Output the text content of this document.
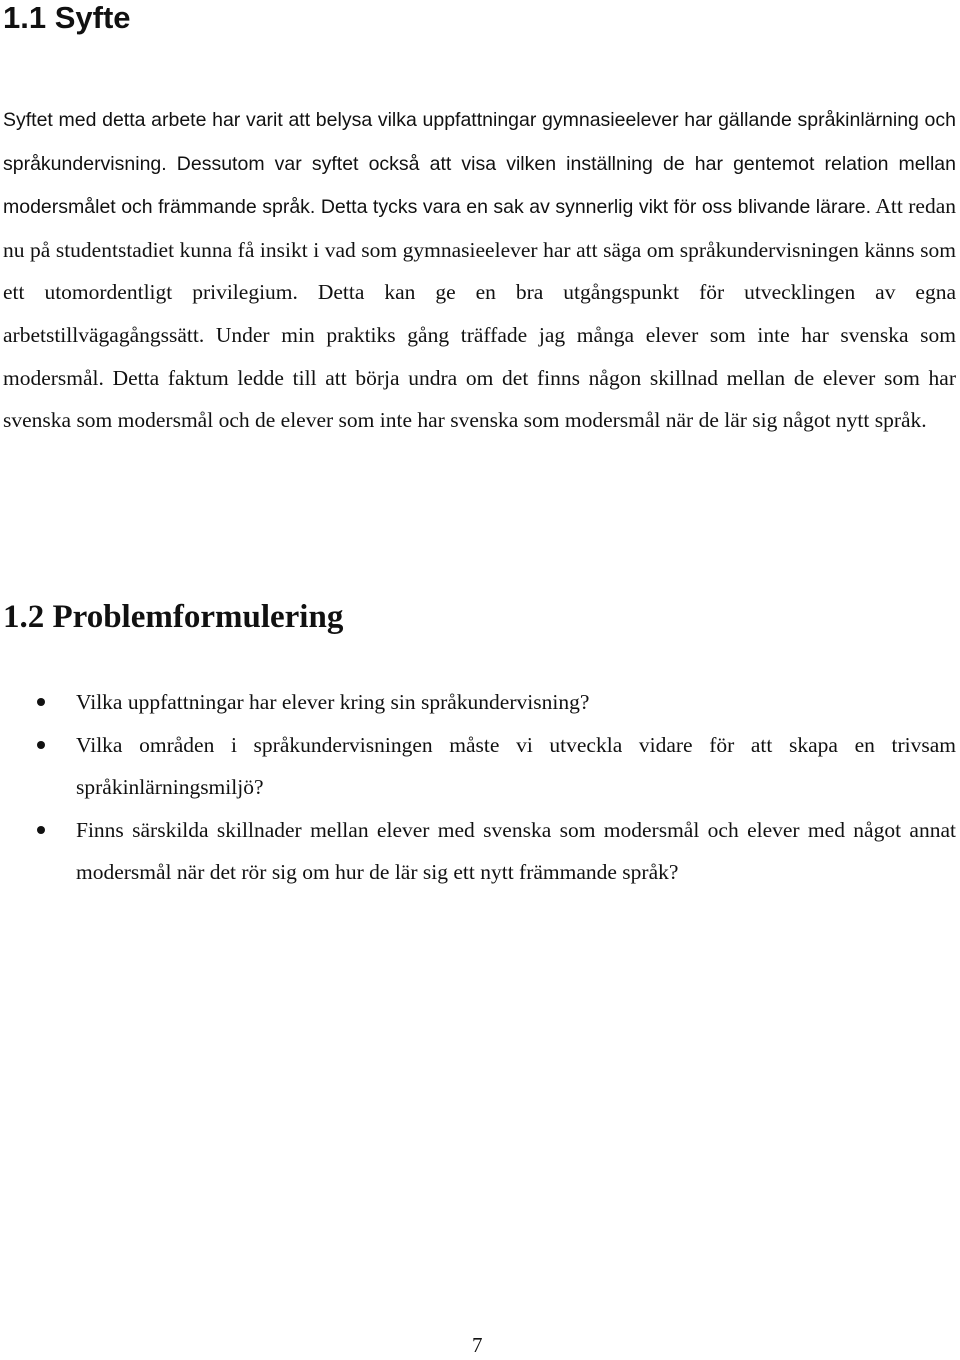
1.1 Syfte

Syftet med detta arbete har varit att belysa vilka uppfattningar gymnasieelever har gällande språkinlärning och språkundervisning. Dessutom var syftet också att visa vilken inställning de har gentemot relation mellan modersmålet och främmande språk. Detta tycks vara en sak av synnerlig vikt för oss blivande lärare. Att redan nu på studentstadiet kunna få insikt i vad som gymnasieelever har att säga om språkundervisningen känns som ett utomordentligt privilegium. Detta kan ge en bra utgångspunkt för utvecklingen av egna arbetstillvägagångssätt. Under min praktiks gång träffade jag många elever som inte har svenska som modersmål. Detta faktum ledde till att börja undra om det finns någon skillnad mellan de elever som har svenska som modersmål och de elever som inte har svenska som modersmål när de lär sig något nytt språk.

1.2 Problemformulering
Vilka uppfattningar har elever kring sin språkundervisning?
Vilka områden i språkundervisningen måste vi utveckla vidare för att skapa en trivsam språkinlärningsmiljö?
Finns särskilda skillnader mellan elever med svenska som modersmål och elever med något annat modersmål när det rör sig om hur de lär sig ett nytt främmande språk?
7
